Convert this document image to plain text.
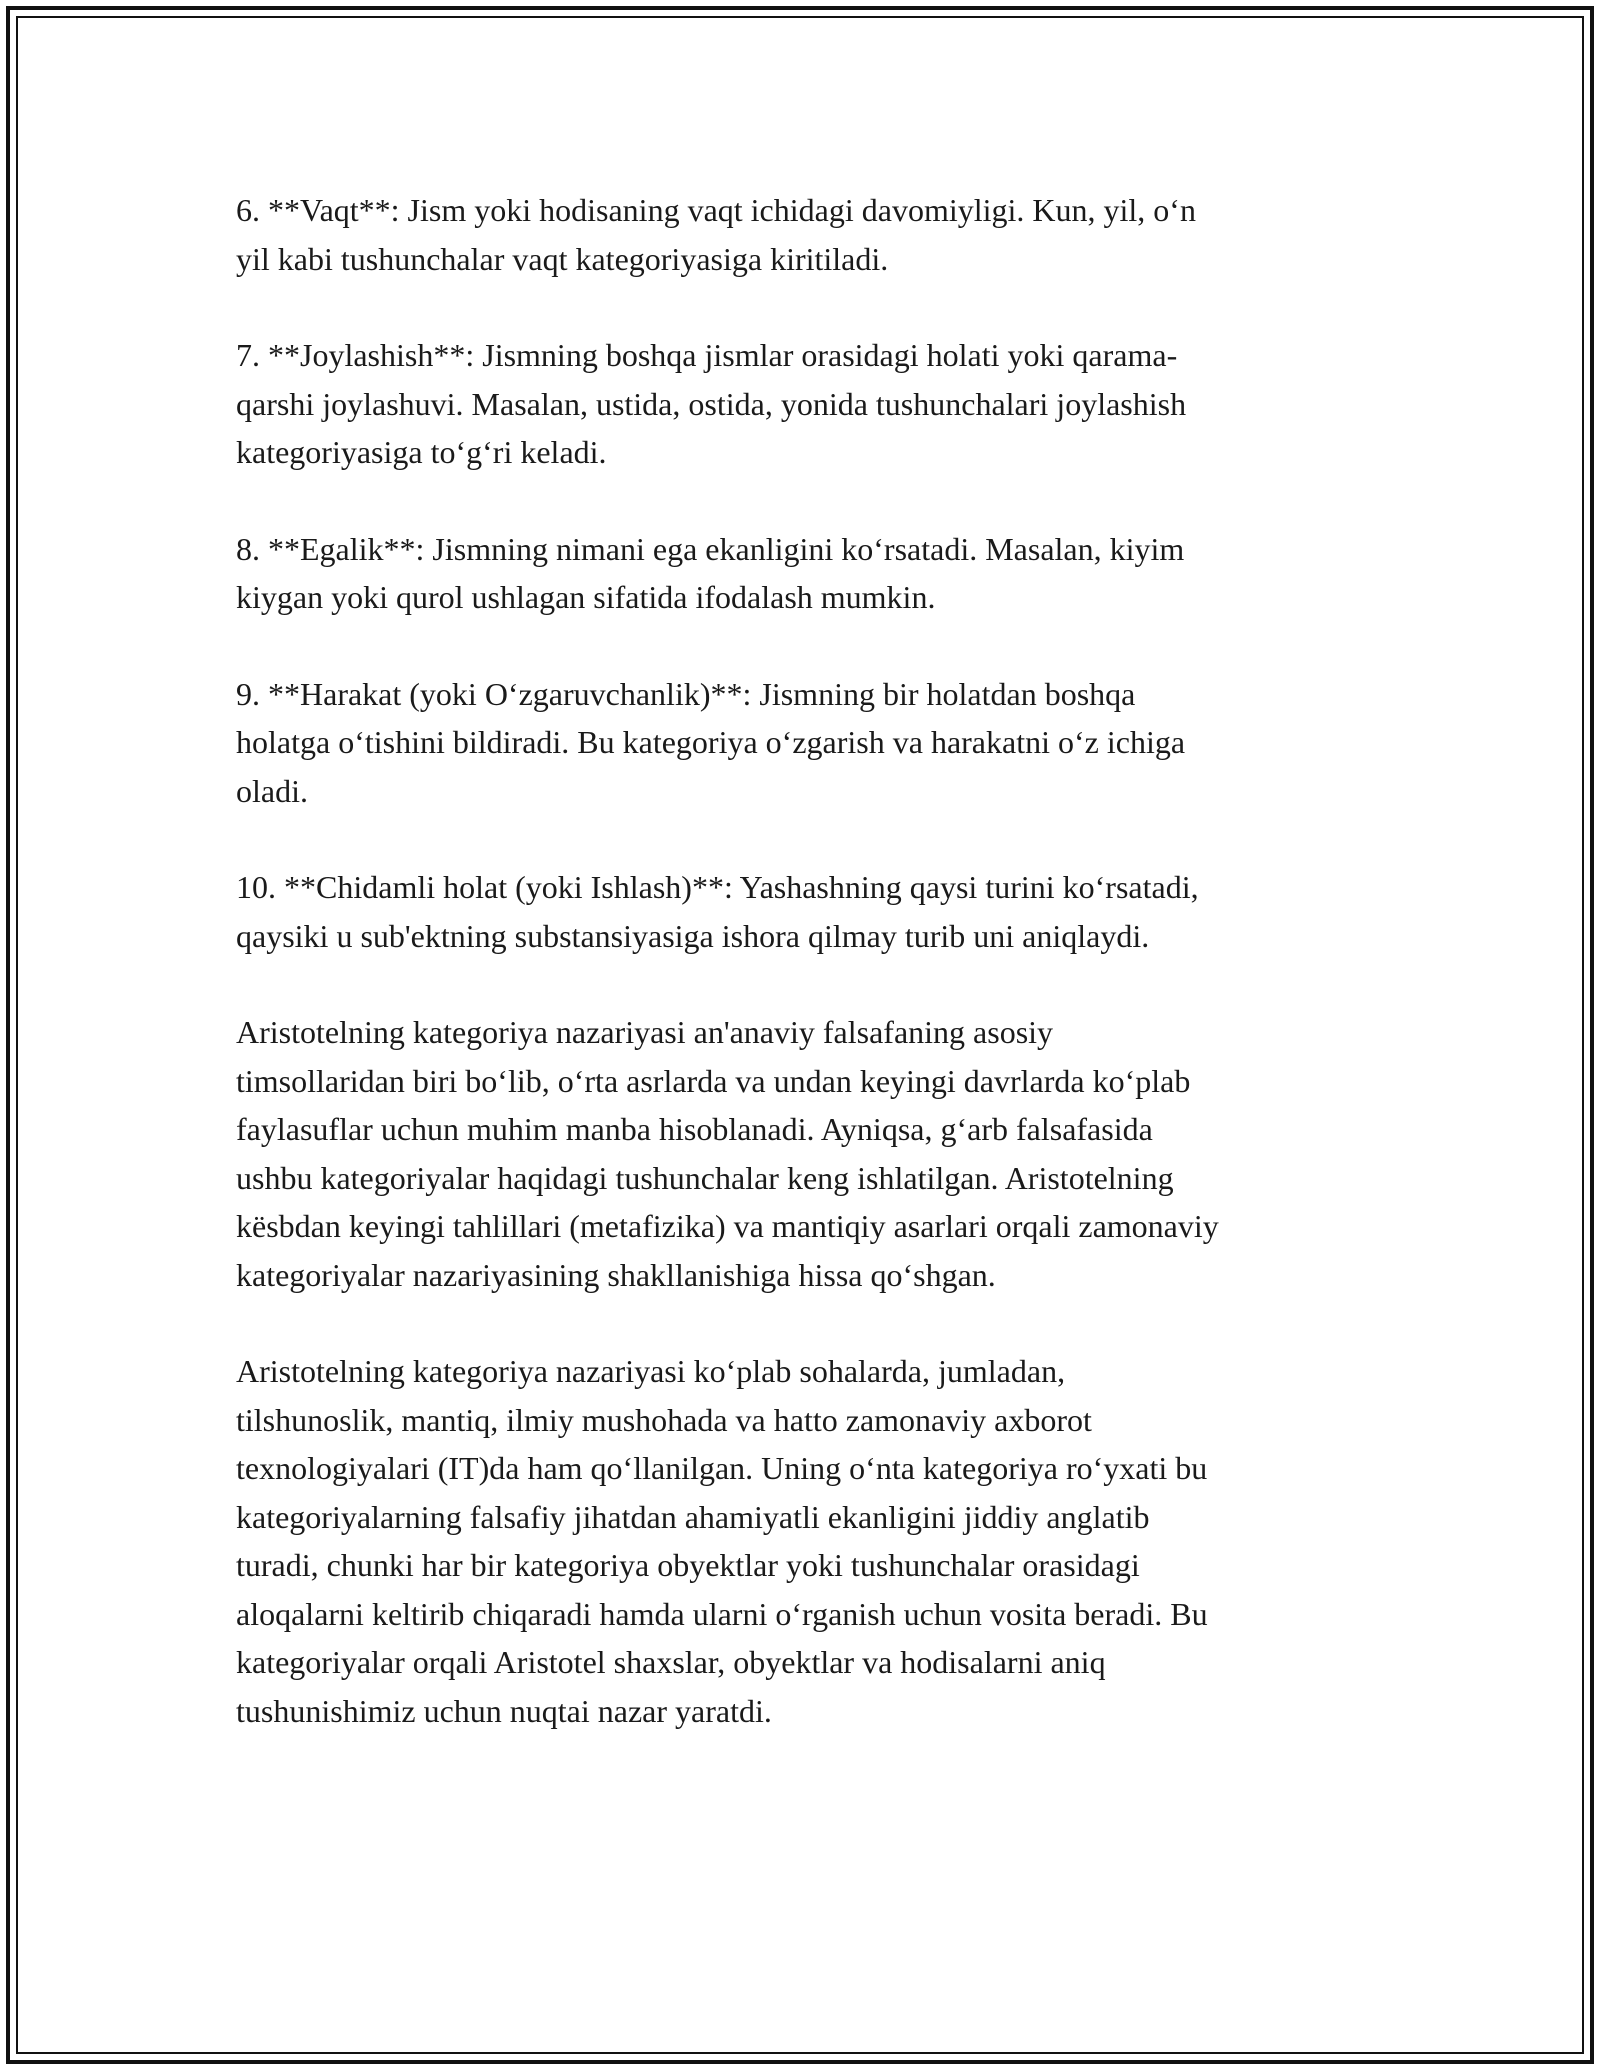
6. **Vaqt**: Jism yoki hodisaning vaqt ichidagi davomiyligi. Kun, yil, o‘n
yil kabi tushunchalar vaqt kategoriyasiga kiritiladi.

7. **Joylashish**: Jismning boshqa jismlar orasidagi holati yoki qarama-
qarshi joylashuvi. Masalan, ustida, ostida, yonida tushunchalari joylashish
kategoriyasiga to‘g‘ri keladi.

8. **Egalik**: Jismning nimani ega ekanligini ko‘rsatadi. Masalan, kiyim
kiygan yoki qurol ushlagan sifatida ifodalash mumkin.

9. **Harakat (yoki O‘zgaruvchanlik)**: Jismning bir holatdan boshqa
holatga o‘tishini bildiradi. Bu kategoriya o‘zgarish va harakatni o‘z ichiga
oladi.

10. **Chidamli holat (yoki Ishlash)**: Yashashning qaysi turini ko‘rsatadi,
qaysiki u sub'ektning substansiyasiga ishora qilmay turib uni aniqlaydi.

Aristotelning kategoriya nazariyasi an'anaviy falsafaning asosiy
timsollaridan biri bo‘lib, o‘rta asrlarda va undan keyingi davrlarda ko‘plab
faylasuflar uchun muhim manba hisoblanadi. Ayniqsa, g‘arb falsafasida
ushbu kategoriyalar haqidagi tushunchalar keng ishlatilgan. Aristotelning
kësbdan keyingi tahlillari (metafizika) va mantiqiy asarlari orqali zamonaviy
kategoriyalar nazariyasining shakllanishiga hissa qo‘shgan.

Aristotelning kategoriya nazariyasi ko‘plab sohalarda, jumladan,
tilshunoslik, mantiq, ilmiy mushohada va hatto zamonaviy axborot
texnologiyalari (IT)da ham qo‘llanilgan. Uning o‘nta kategoriya ro‘yxati bu
kategoriyalarning falsafiy jihatdan ahamiyatli ekanligini jiddiy anglatib
turadi, chunki har bir kategoriya obyektlar yoki tushunchalar orasidagi
aloqalarni keltirib chiqaradi hamda ularni o‘rganish uchun vosita beradi. Bu
kategoriyalar orqali Aristotel shaxslar, obyektlar va hodisalarni aniq
tushunishimiz uchun nuqtai nazar yaratdi.
